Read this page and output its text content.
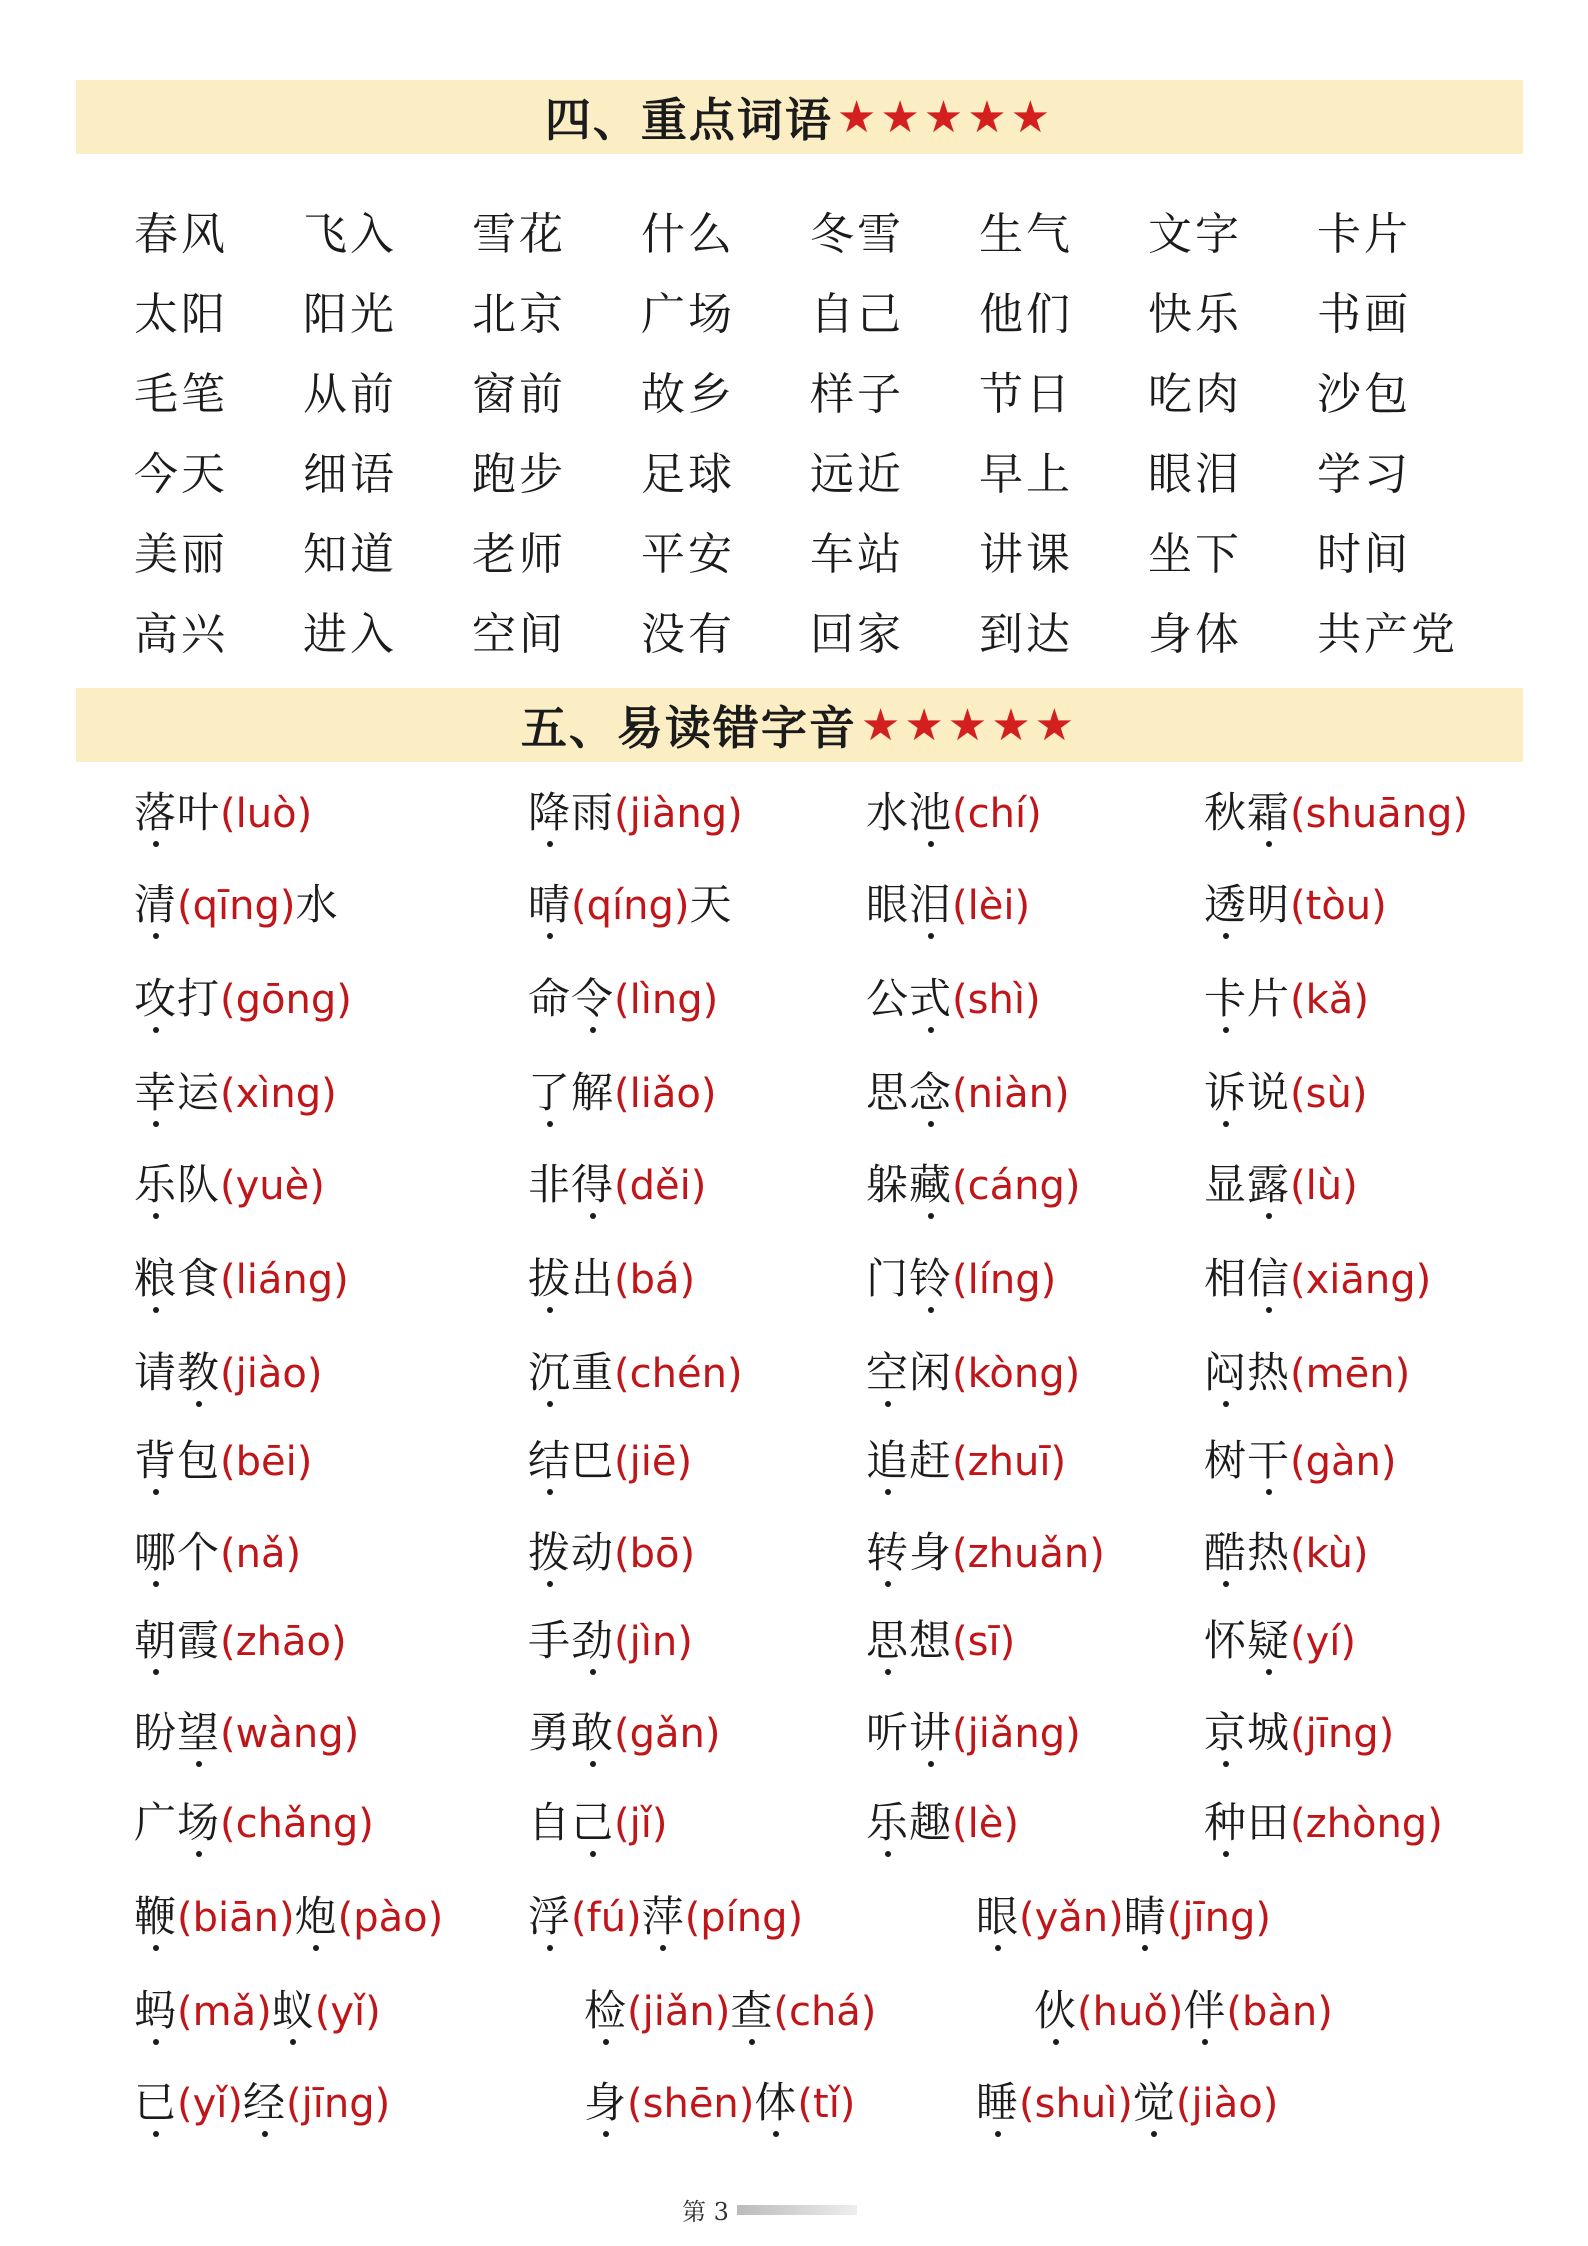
四、重点词语 ★★★★★
春风	飞入	雪花	什么	冬雪	生气	文字	卡片
太阳	阳光	北京	广场	自己	他们	快乐	书画
毛笔	从前	窗前	故乡	样子	节日	吃肉	沙包
今天	细语	跑步	足球	远近	早上	眼泪	学习
美丽	知道	老师	平安	车站	讲课	坐下	时间
高兴	进入	空间	没有	回家	到达	身体	共产党
五、易读错字音 ★★★★★
落叶(luò)	降雨(jiàng)	水池(chí)	秋霜(shuāng)
清(qīng)水	晴(qíng)天	眼泪(lèi)	透明(tòu)
攻打(gōng)	命令(lìng)	公式(shì)	卡片(kǎ)
幸运(xìng)	了解(liǎo)	思念(niàn)	诉说(sù)
乐队(yuè)	非得(děi)	躲藏(cáng)	显露(lù)
粮食(liáng)	拔出(bá)	门铃(líng)	相信(xiāng)
请教(jiào)	沉重(chén)	空闲(kòng)	闷热(mēn)
背包(bēi)	结巴(jiē)	追赶(zhuī)	树干(gàn)
哪个(nǎ)	拨动(bō)	转身(zhuǎn) 酷热(kù)
朝霞(zhāo)	手劲(jìn)	思想(sī)	怀疑(yí)
盼望(wàng)	勇敢(gǎn)	听讲(jiǎng)	京城(jīng)
广场(chǎng)	自己(jǐ)	乐趣(lè)	种田(zhòng)
鞭(biān)炮(pào) 浮(fú)萍(píng)	眼(yǎn)睛(jīng)
蚂(mǎ)蚁(yǐ)	检(jiǎn)查(chá)	伙(huǒ)伴(bàn)
已(yǐ)经(jīng)	身(shēn)体(tǐ)	睡(shuì)觉(jiào)
第 3
